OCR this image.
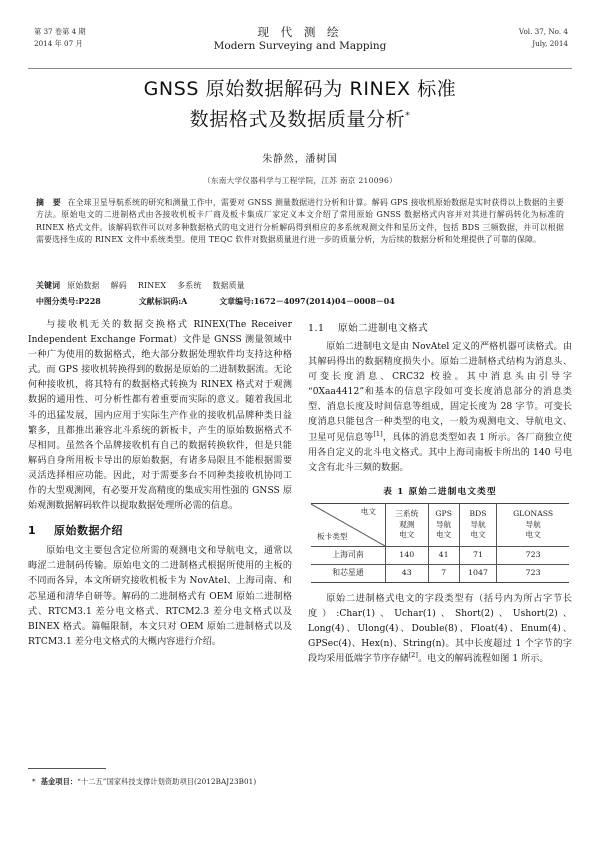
第 37 卷第 4 期
2014 年 07 月
现 代 测 绘
Modern Surveying and Mapping
Vol. 37, No. 4
July, 2014
GNSS 原始数据解码为 RINEX 标准
数据格式及数据质量分析*
朱静然，潘树国
（东南大学仪器科学与工程学院，江苏 南京 210096）
摘 要 在全球卫星导航系统的研究和测量工作中，需要对 GNSS 测量数据进行分析和计算。解码 GPS 接收机原始数据是实时获得以上数据的主要方法。原始电文的二进制格式由各接收机板卡厂商及板卡集成厂家定义本文介绍了常用原始 GNSS 数据格式内容并对其进行解码转化为标准的 RINEX 格式文件。该解码软件可以对多种数据格式的电文进行分析解码得到相应的多系统观测文件和星历文件，包括 BDS 三频数据，并可以根据需要选择生成的 RINEX 文件中系统类型。使用 TEQC 软件对数据质量进行进一步的质量分析，为后续的数据分析和处理提供了可靠的保障。
关键词 原始数据 解码 RINEX 多系统 数据质量
中图分类号:P228	文献标识码:A	文章编号:1672－4097(2014)04－0008－04

与接收机无关的数据交换格式 RINEX(The Receiver Independent Exchange Format）文件是 GNSS 测量领域中一种广为使用的数据格式，绝大部分数据处理软件均支持这种格式。而 GPS 接收机转换得到的数据是原始的二进制数据流。无论何种接收机，将其特有的数据格式转换为 RINEX 格式对于观测数据的通用性、可分析性都有着重要而实际的意义。随着我国北斗的迅猛发展，国内应用于实际生产作业的接收机品牌种类日益繁多，且都推出兼容北斗系统的新板卡，产生的原始数据格式不尽相同。虽然各个品牌接收机有自己的数据转换软件，但是只能解码自身所用板卡导出的原始数据，有诸多局限且不能根据需要灵活选择相应功能。因此，对于需要多台不同种类接收机协同工作的大型观测网，有必要开发高精度的集成实用性强的 GNSS 原始观测数据解码软件以提取数据处理所必需的信息。

1 原始数据介绍

原始电文主要包含定位所需的观测电文和导航电文，通常以晦涩二进制码传输。原始电文的二进制格式根据所使用的主板的不同而各异，本文所研究接收机板卡为 NovAtel、上海司南、和芯星通和清华自研等。解码的二进制格式有 OEM 原始二进制格式、RTCM3.1 差分电文格式、RTCM2.3 差分电文格式以及 BINEX 格式。篇幅限制，本文只对 OEM 原始二进制格式以及 RTCM3.1 差分电文格式的大概内容进行介绍。

1.1 原始二进制电文格式

原始二进制电文是由 NovAtel 定义的严格机器可读格式。由其解码得出的数据精度损失小。原始二进制格式结构为消息头、可变长度消息、CRC32 校验。其中消息头由引导字“0Xaa4412”和基本的信息字段如可变长度消息部分的消息类型、消息长度及时间信息等组成，固定长度为 28 字节。可变长度消息只能包含一种类型的电文，一般为观测电文、导航电文、卫星可见信息等[1]，具体的消息类型如表 1 所示。各厂商独立使用各自定义的北斗电文格式。其中上海司南板卡所出的 140 号电文含有北斗三频的数据。

表 1 原始二进制电文类型
电文
板卡类型

三系统
观测
电文

GPS
导航
电文

BDS
导航
电文

GLONASS
导航
电文

上海司南	140	41	71	723
和芯星通	43	7	1047	723

原始二进制格式电文的字段类型有（括号内为所占字节长度）:Char(1)、Uchar(1)、Short(2)、Ushort(2)、Long(4)、Ulong(4)、Double(8)、Float(4)、Enum(4)、GPSec(4)、Hex(n)、String(n)。其中长度超过 1 个字节的字段均采用低端字节序存储[2]。电文的解码流程如图 1 所示。

* 基金项目：“十二五”国家科技支撑计划资助项目(2012BAJ23B01)
